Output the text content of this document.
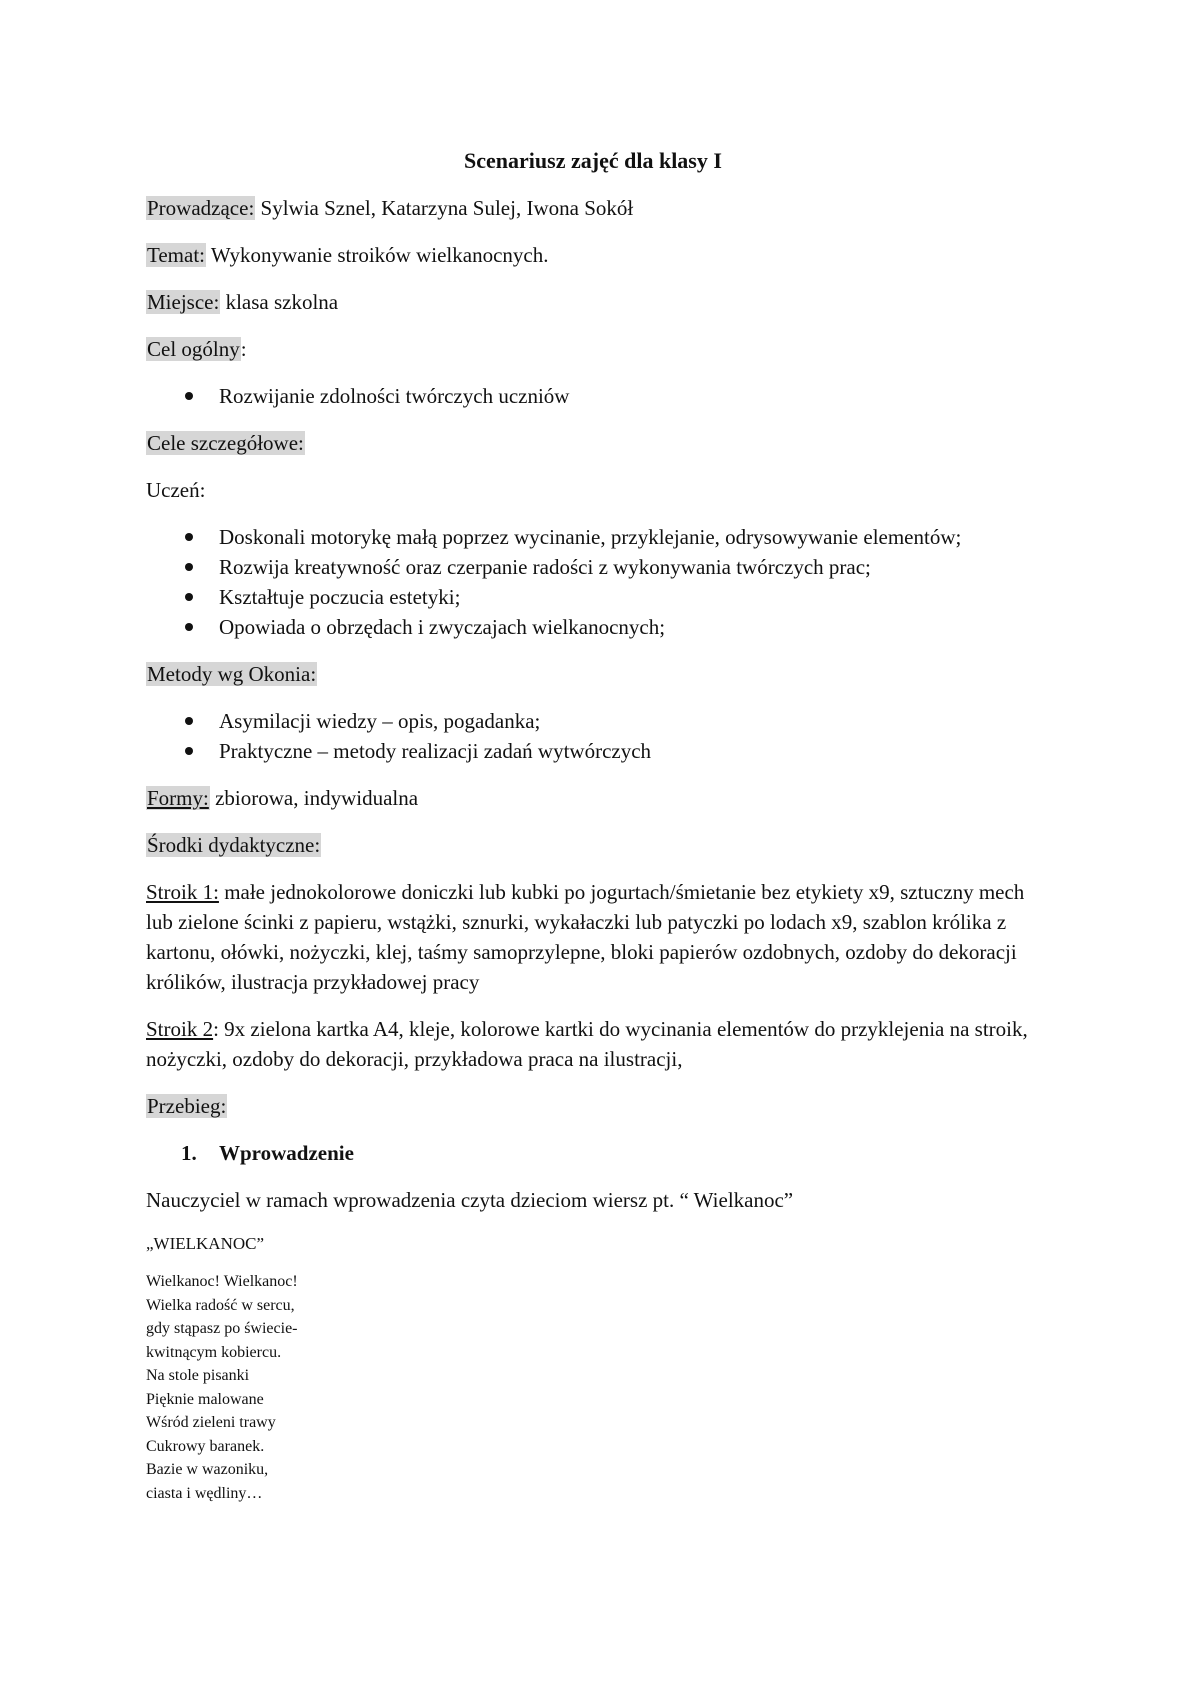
Scenariusz zajęć dla klasy I

Prowadzące: Sylwia Sznel, Katarzyna Sulej, Iwona Sokół

Temat: Wykonywanie stroików wielkanocnych.

Miejsce: klasa szkolna

Cel ogólny:

Rozwijanie zdolności twórczych uczniów

Cele szczegółowe:

Uczeń:

Doskonali motorykę małą poprzez wycinanie, przyklejanie, odrysowywanie elementów;
Rozwija kreatywność oraz czerpanie radości z wykonywania twórczych prac;
Kształtuje poczucia estetyki;
Opowiada o obrzędach i zwyczajach wielkanocnych;

Metody wg Okonia:

Asymilacji wiedzy – opis, pogadanka;
Praktyczne – metody realizacji zadań wytwórczych

Formy: zbiorowa, indywidualna

Środki dydaktyczne:

Stroik 1: małe jednokolorowe doniczki lub kubki po jogurtach/śmietanie bez etykiety x9, sztuczny mech lub zielone ścinki z papieru, wstążki, sznurki, wykałaczki lub patyczki po lodach x9, szablon królika z kartonu, ołówki, nożyczki, klej, taśmy samoprzylepne, bloki papierów ozdobnych, ozdoby do dekoracji królików, ilustracja przykładowej pracy

Stroik 2: 9x zielona kartka A4, kleje, kolorowe kartki do wycinania elementów do przyklejenia na stroik, nożyczki, ozdoby do dekoracji, przykładowa praca na ilustracji,

Przebieg:

1. Wprowadzenie

Nauczyciel w ramach wprowadzenia czyta dzieciom wiersz pt. “ Wielkanoc”

„WIELKANOC”

Wielkanoc! Wielkanoc!
Wielka radość w sercu,
gdy stąpasz po świecie-
kwitnącym kobiercu.
Na stole pisanki
Pięknie malowane
Wśród zieleni trawy
Cukrowy baranek.
Bazie w wazoniku,
ciasta i wędliny…
